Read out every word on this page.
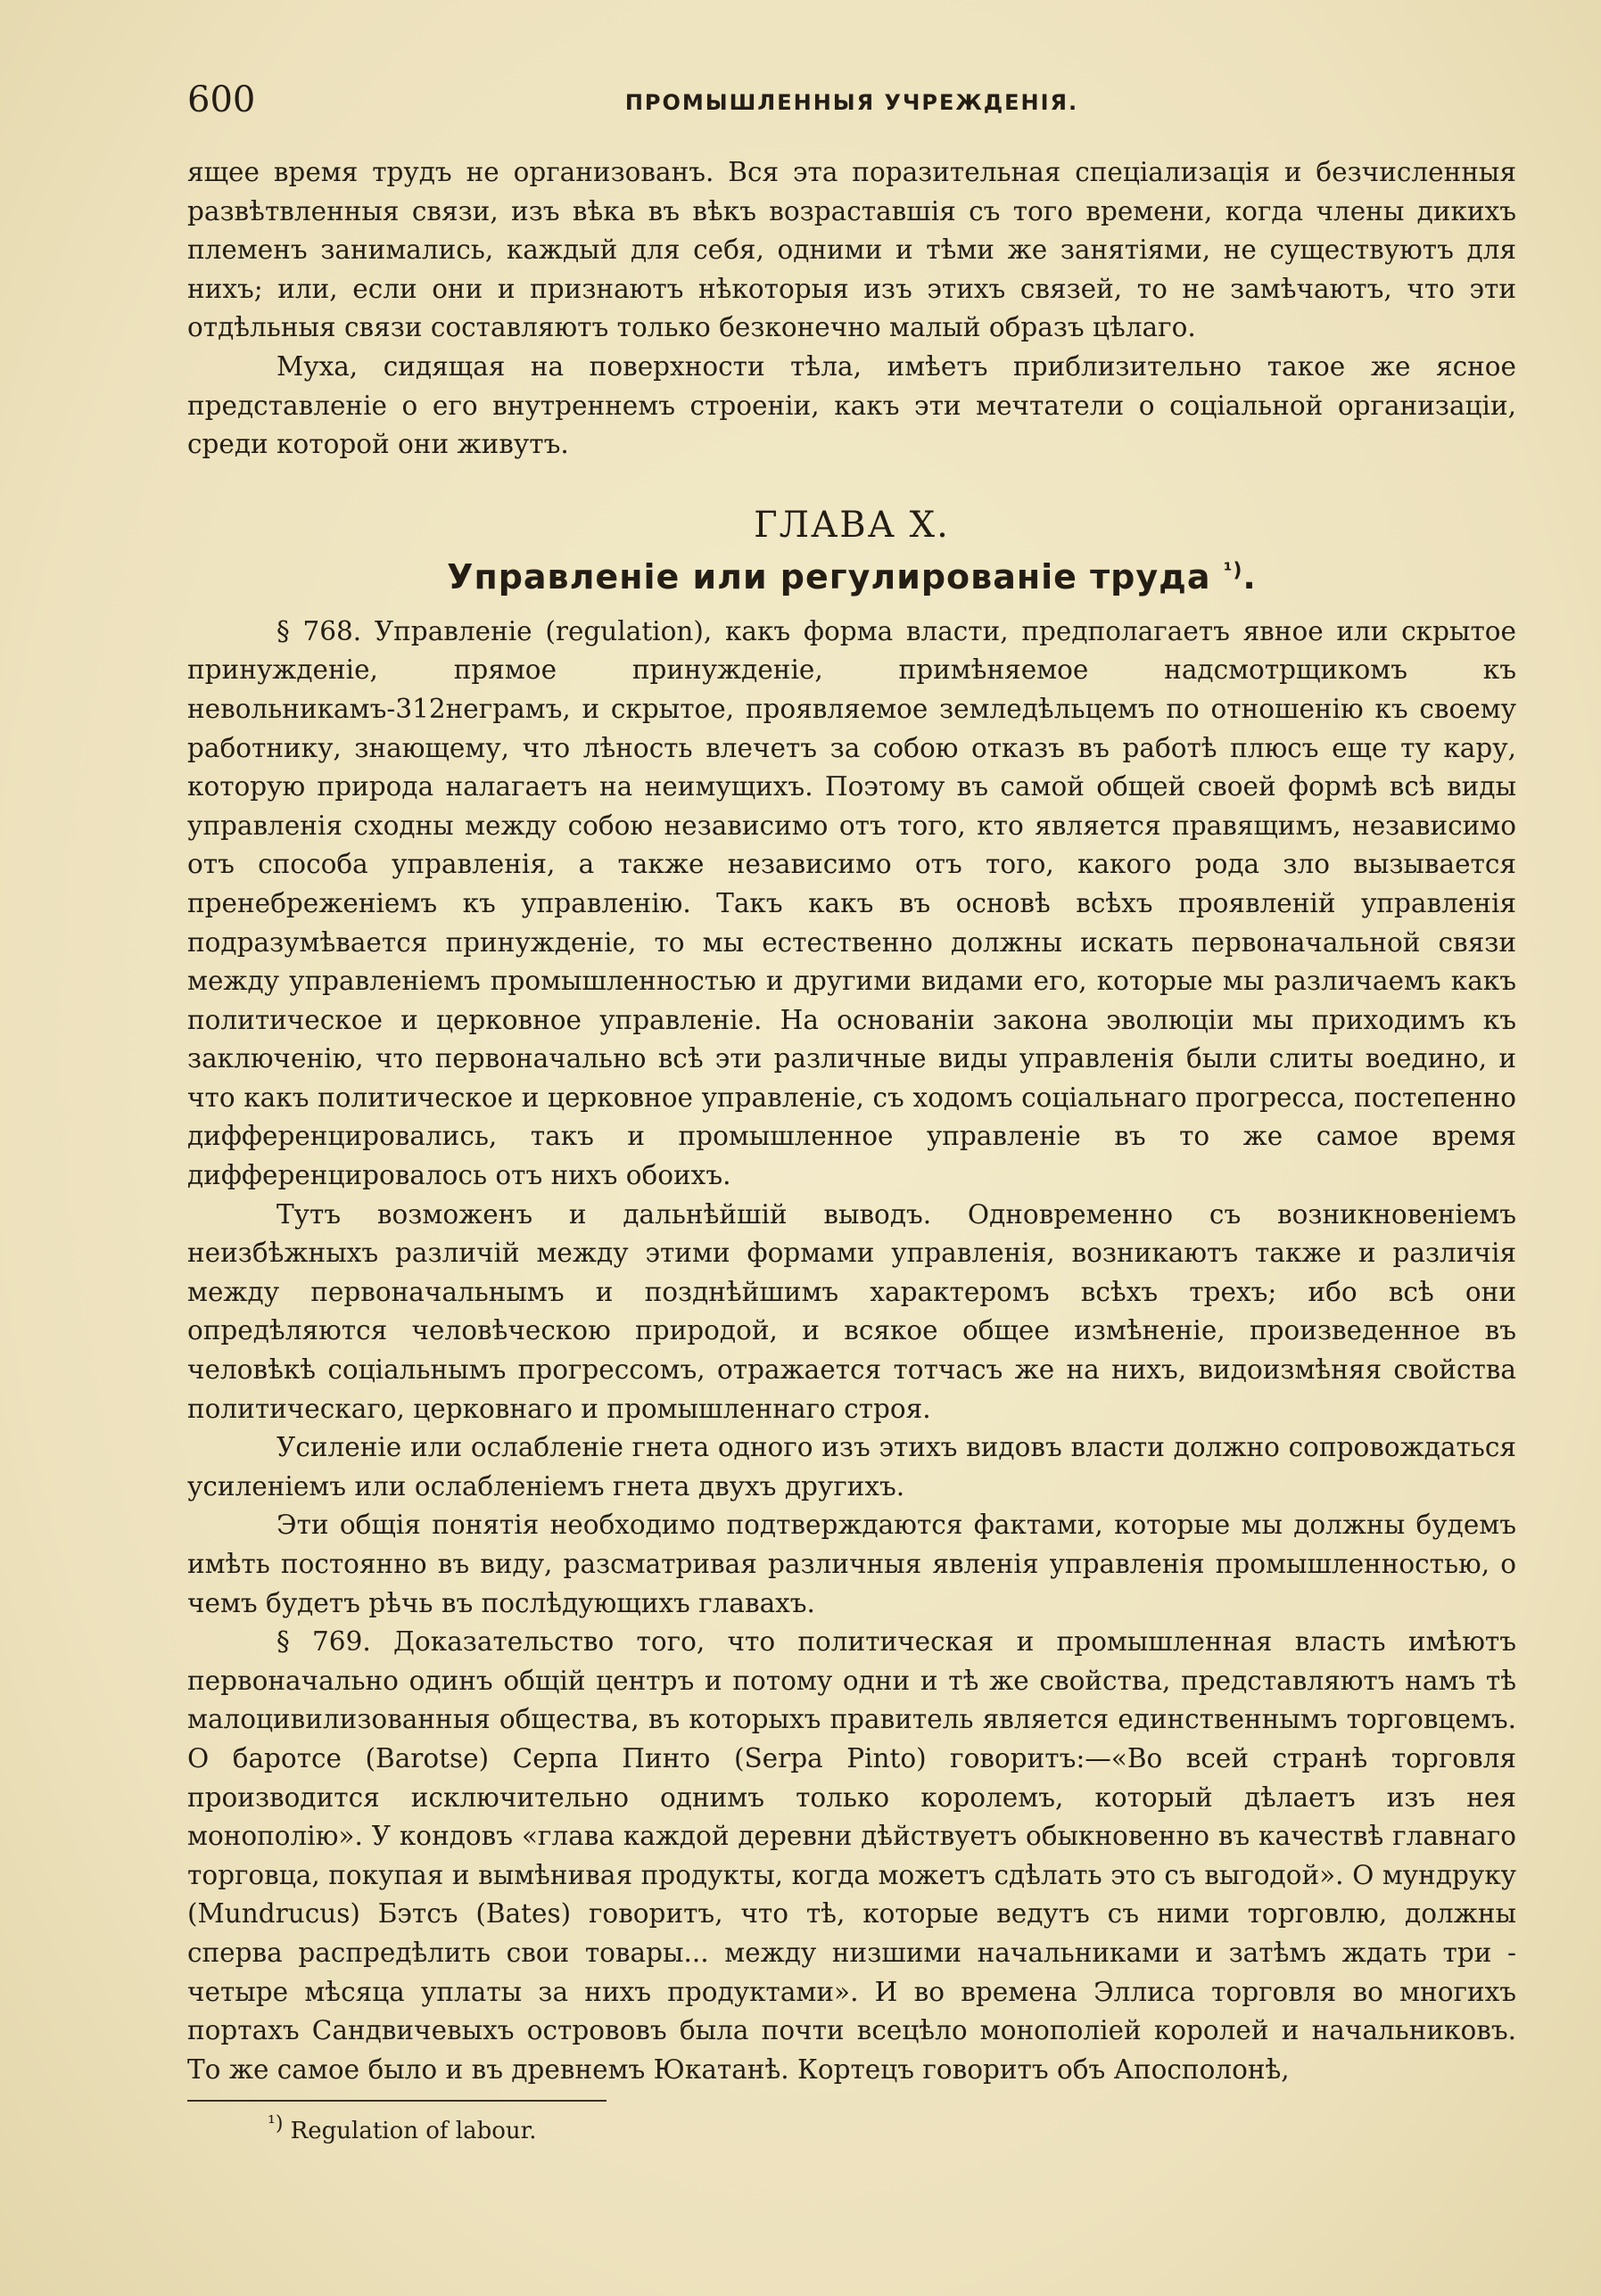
600	ПРОМЫШЛЕННЫЯ УЧРЕЖДЕНІЯ.

ящее время трудъ не организованъ. Вся эта поразительная спеціализація и безчисленныя развѣтвленныя связи, изъ вѣка въ вѣкъ возраставшія съ того времени, когда члены дикихъ племенъ занимались, каждый для себя, одними и тѣми же занятіями, не существуютъ для нихъ; или, если они и признаютъ нѣкоторыя изъ этихъ связей, то не замѣчаютъ, что эти отдѣльныя связи составляютъ только безконечно малый образъ цѣлаго.

Муха, сидящая на поверхности тѣла, имѣетъ приблизительно такое же ясное представленіе о его внутреннемъ строеніи, какъ эти мечтатели о соціальной организаціи, среди которой они живутъ.

ГЛАВА X.
Управленіе или регулированіе труда $^{^1)}$.

§ 768. Управленіе (regulation), какъ форма власти, предполагаетъ явное или скрытое принужденіе, прямое принужденіе, примѣняемое надсмотрщикомъ къ невольникамъ-312неграмъ, и скрытое, проявляемое земледѣльцемъ по отношенію къ своему работнику, знающему, что лѣность влечетъ за собою отказъ въ работѣ плюсъ еще ту кару, которую природа налагаетъ на неимущихъ. Поэтому въ самой общей своей формѣ всѣ виды управленія сходны между собою независимо отъ того, кто является правящимъ, независимо отъ способа управленія, а также независимо отъ того, какого рода зло вызывается пренебреженіемъ къ управленію. Такъ какъ въ основѣ всѣхъ проявленій управленія подразумѣвается принужденіе, то мы естественно должны искать первоначальной связи между управленіемъ промышленностью и другими видами его, которые мы различаемъ какъ политическое и церковное управленіе. На основаніи закона эволюціи мы приходимъ къ заключенію, что первоначально всѣ эти различные виды управленія были слиты воедино, и что какъ политическое и церковное управленіе, съ ходомъ соціальнаго прогресса, постепенно дифференцировались, такъ и промышленное управленіе въ то же самое время дифференцировалось отъ нихъ обоихъ.

Тутъ возможенъ и дальнѣйшій выводъ. Одновременно съ возникновеніемъ неизбѣжныхъ различій между этими формами управленія, возникаютъ также и различія между первоначальнымъ и позднѣйшимъ характеромъ всѣхъ трехъ; ибо всѣ они опредѣляются человѣческою природой, и всякое общее измѣненіе, произведенное въ человѣкѣ соціальнымъ прогрессомъ, отражается тотчасъ же на нихъ, видоизмѣняя свойства политическаго, церковнаго и промышленнаго строя.

Усиленіе или ослабленіе гнета одного изъ этихъ видовъ власти должно сопровождаться усиленіемъ или ослабленіемъ гнета двухъ другихъ.

Эти общія понятія необходимо подтверждаются фактами, которые мы должны будемъ имѣть постоянно въ виду, разсматривая различныя явленія управленія промышленностью, о чемъ будетъ рѣчь въ послѣдующихъ главахъ.

§ 769. Доказательство того, что политическая и промышленная власть имѣютъ первоначально одинъ общій центръ и потому одни и тѣ же свойства, представляютъ намъ тѣ малоцивилизованныя общества, въ которыхъ правитель является единственнымъ торговцемъ. О баротсе (Barotse) Серпа Пинто (Serpa Pinto) говоритъ:—«Во всей странѣ торговля производится исключительно однимъ только королемъ, который дѣлаетъ изъ нея монополію». У кондовъ «глава каждой деревни дѣйствуетъ обыкновенно въ качествѣ главнаго торговца, покупая и вымѣнивая продукты, когда можетъ сдѣлать это съ выгодой». О мундруку (Mundrucus) Бэтсъ (Bates) говоритъ, что тѣ, которые ведутъ съ ними торговлю, должны сперва распредѣлить свои товары... между низшими начальниками и затѣмъ ждать три - четыре мѣсяца уплаты за нихъ продуктами». И во времена Эллиса торговля во многихъ портахъ Сандвичевыхъ острововъ была почти всецѣло монополіей королей и начальниковъ. То же самое было и въ древнемъ Юкатанѣ. Кортецъ говоритъ объ Апосполонѣ,

$^{^1)}$ Regulation of labour.
